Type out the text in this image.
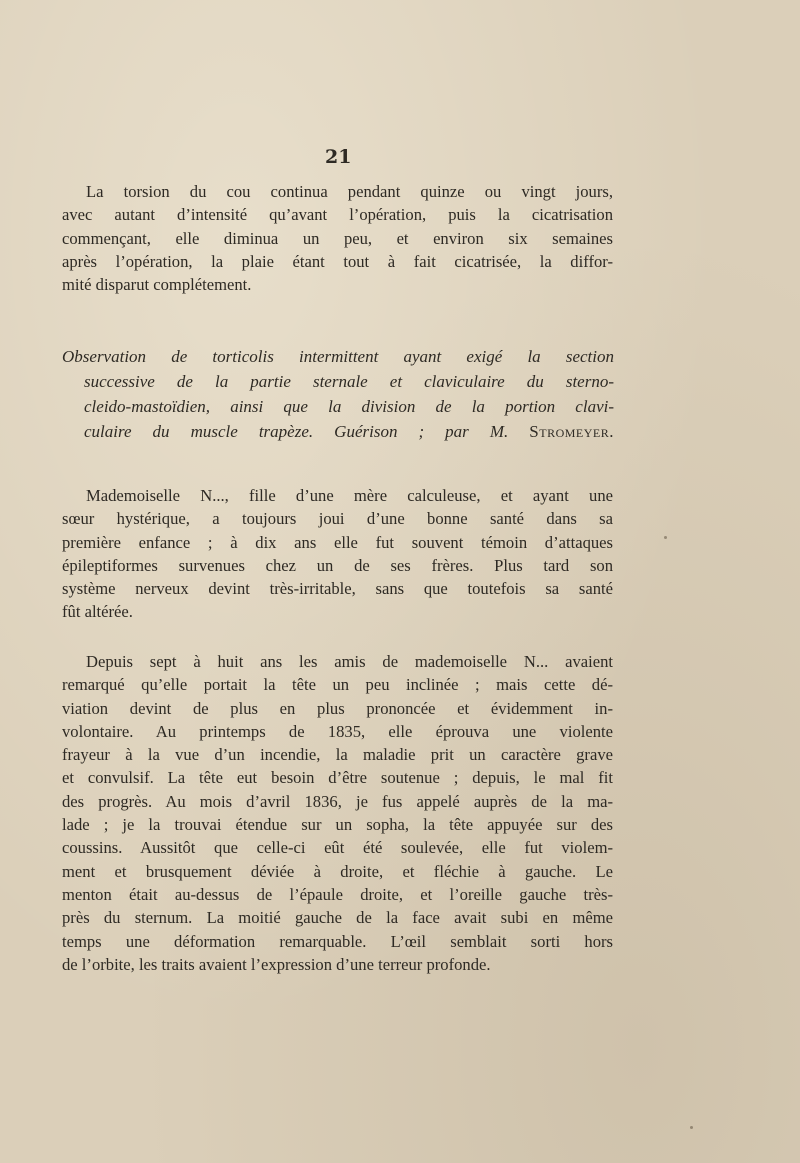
21
La torsion du cou continua pendant quinze ou vingt jours,
avec autant d’intensité qu’avant l’opération, puis la cicatrisation
commençant, elle diminua un peu, et environ six semaines
après l’opération, la plaie étant tout à fait cicatrisée, la diffor-
mité disparut complétement.
Observation de torticolis intermittent ayant exigé la section
successive de la partie sternale et claviculaire du sterno-
cleido-mastoïdien, ainsi que la division de la portion clavi-
culaire du muscle trapèze. Guérison ; par M. Stromeyer.
Mademoiselle N..., fille d’une mère calculeuse, et ayant une
sœur hystérique, a toujours joui d’une bonne santé dans sa
première enfance ; à dix ans elle fut souvent témoin d’attaques
épileptiformes survenues chez un de ses frères. Plus tard son
système nerveux devint très-irritable, sans que toutefois sa santé
fût altérée.
Depuis sept à huit ans les amis de mademoiselle N... avaient
remarqué qu’elle portait la tête un peu inclinée ; mais cette dé-
viation devint de plus en plus prononcée et évidemment in-
volontaire. Au printemps de 1835, elle éprouva une violente
frayeur à la vue d’un incendie, la maladie prit un caractère grave
et convulsif. La tête eut besoin d’être soutenue ; depuis, le mal fit
des progrès. Au mois d’avril 1836, je fus appelé auprès de la ma-
lade ; je la trouvai étendue sur un sopha, la tête appuyée sur des
coussins. Aussitôt que celle-ci eût été soulevée, elle fut violem-
ment et brusquement déviée à droite, et fléchie à gauche. Le
menton était au-dessus de l’épaule droite, et l’oreille gauche très-
près du sternum. La moitié gauche de la face avait subi en même
temps une déformation remarquable. L’œil semblait sorti hors
de l’orbite, les traits avaient l’expression d’une terreur profonde.
